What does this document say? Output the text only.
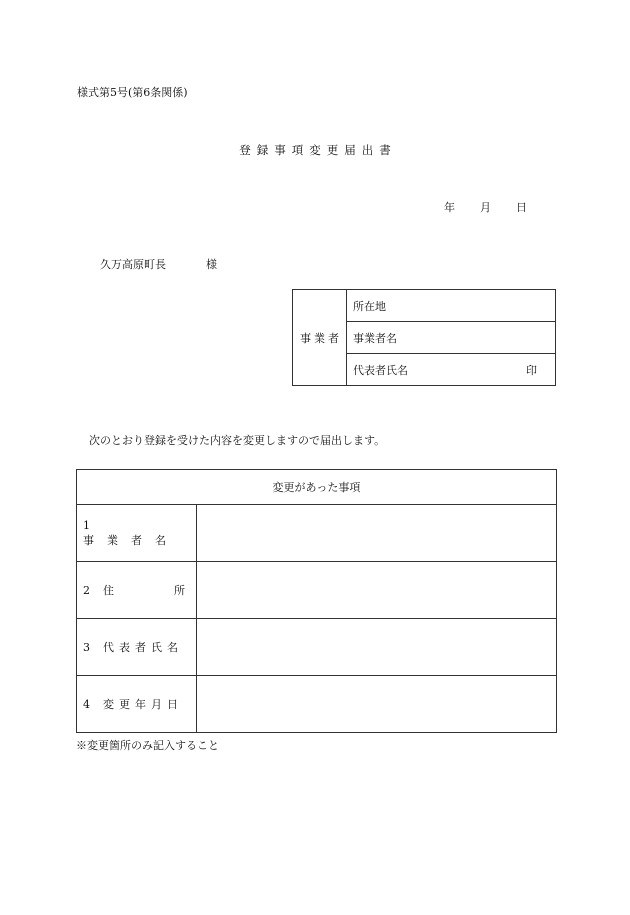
様式第5号(第6条関係)
登録事項変更届出書
年 月 日
久万高原町長	様
事業者	所在地
事業者名
代表者氏名	印
次のとおり登録を受けた内容を変更しますので届出します。
変更があった事項	
1事業者名	
2 住 所	
3 代表者氏名	
4 変更年月日	
※変更箇所のみ記入すること
